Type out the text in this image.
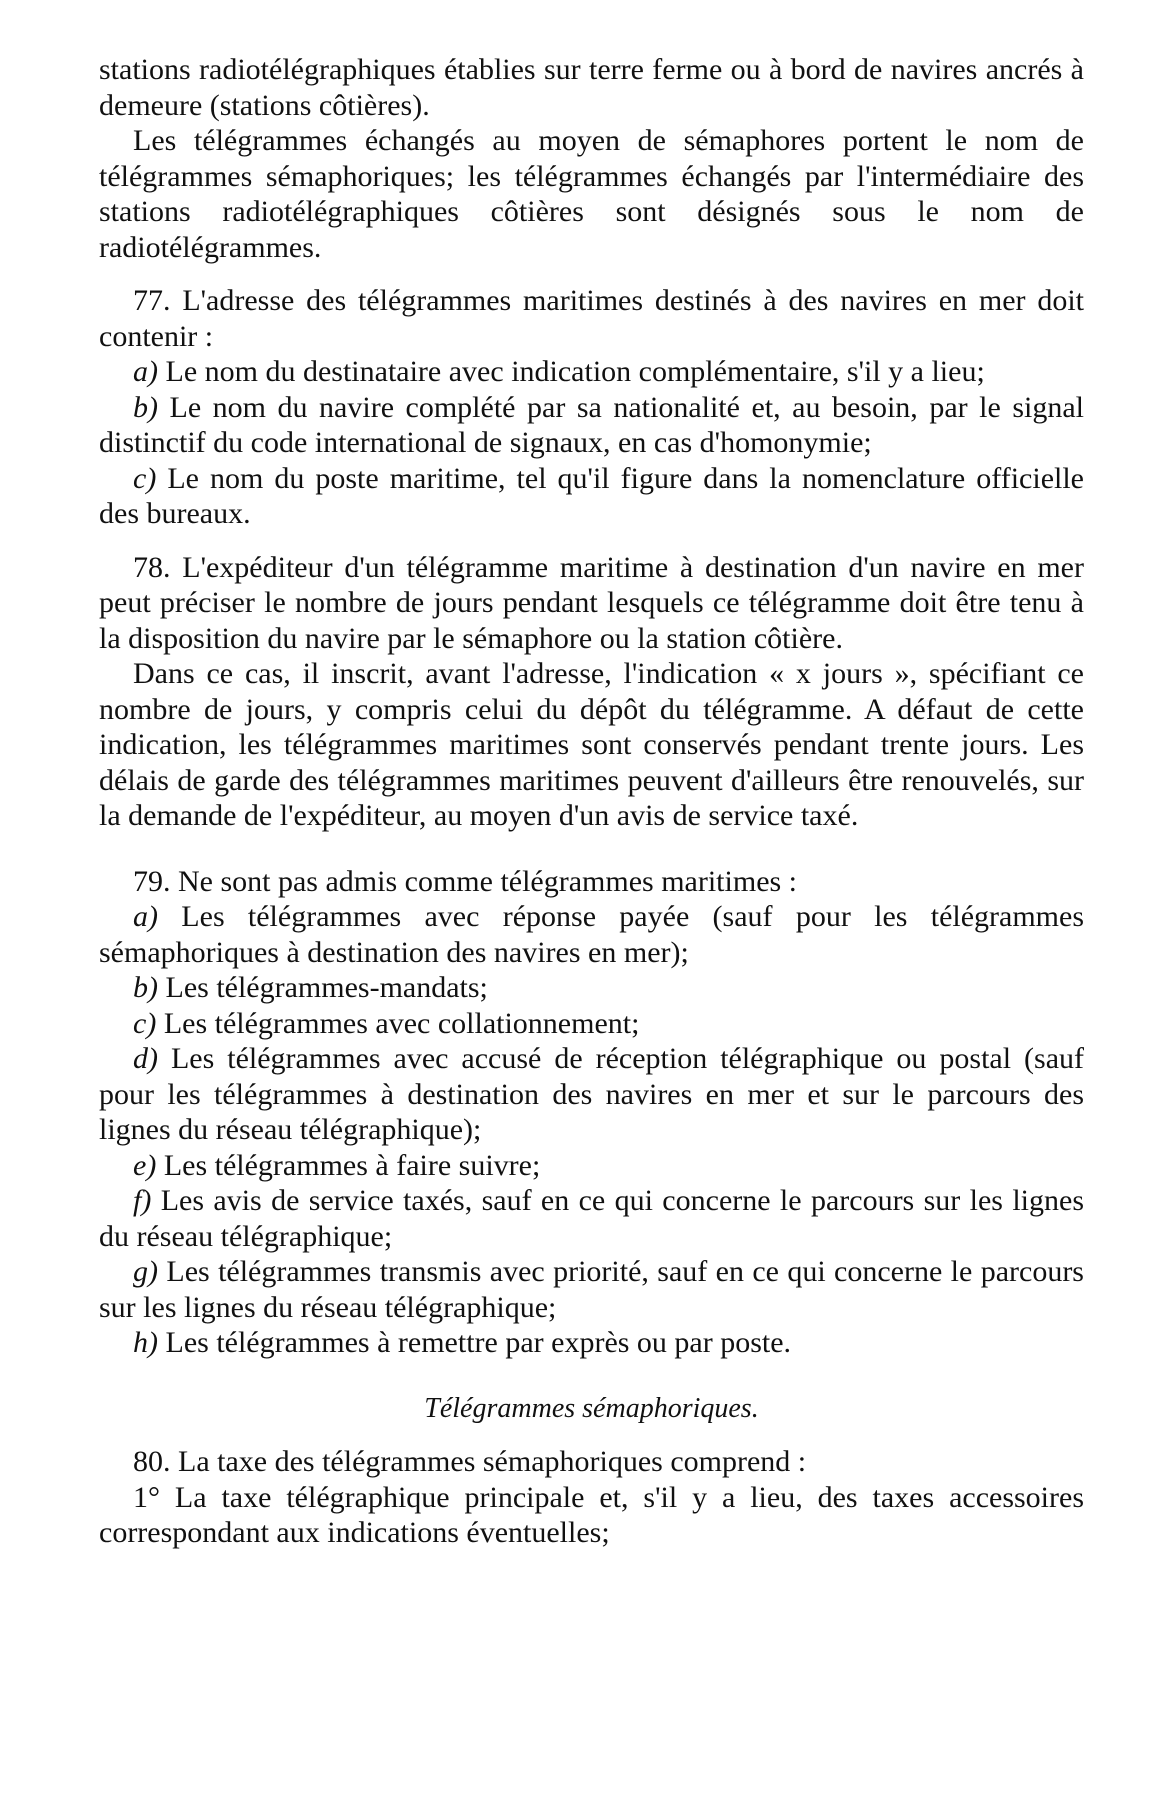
stations radiotélégraphiques établies sur terre ferme ou à bord de navires ancrés à demeure (stations côtières).

Les télégrammes échangés au moyen de sémaphores portent le nom de télégrammes sémaphoriques; les télégrammes échangés par l'intermédiaire des stations radiotélégraphiques côtières sont désignés sous le nom de radiotélégrammes.

77. L'adresse des télégrammes maritimes destinés à des navires en mer doit contenir :

a) Le nom du destinataire avec indication complémentaire, s'il y a lieu;

b) Le nom du navire complété par sa nationalité et, au besoin, par le signal distinctif du code international de signaux, en cas d'homonymie;

c) Le nom du poste maritime, tel qu'il figure dans la nomenclature officielle des bureaux.

78. L'expéditeur d'un télégramme maritime à destination d'un navire en mer peut préciser le nombre de jours pendant lesquels ce télégramme doit être tenu à la disposition du navire par le sémaphore ou la station côtière.

Dans ce cas, il inscrit, avant l'adresse, l'indication « x jours », spécifiant ce nombre de jours, y compris celui du dépôt du télégramme. A défaut de cette indication, les télégrammes maritimes sont conservés pendant trente jours. Les délais de garde des télégrammes maritimes peuvent d'ailleurs être renouvelés, sur la demande de l'expéditeur, au moyen d'un avis de service taxé.

79. Ne sont pas admis comme télégrammes maritimes :

a) Les télégrammes avec réponse payée (sauf pour les télégrammes sémaphoriques à destination des navires en mer);

b) Les télégrammes-mandats;

c) Les télégrammes avec collationnement;

d) Les télégrammes avec accusé de réception télégraphique ou postal (sauf pour les télégrammes à destination des navires en mer et sur le parcours des lignes du réseau télégraphique);

e) Les télégrammes à faire suivre;

f) Les avis de service taxés, sauf en ce qui concerne le parcours sur les lignes du réseau télégraphique;

g) Les télégrammes transmis avec priorité, sauf en ce qui concerne le parcours sur les lignes du réseau télégraphique;

h) Les télégrammes à remettre par exprès ou par poste.

Télégrammes sémaphoriques.

80. La taxe des télégrammes sémaphoriques comprend :

1° La taxe télégraphique principale et, s'il y a lieu, des taxes accessoires correspondant aux indications éventuelles;
